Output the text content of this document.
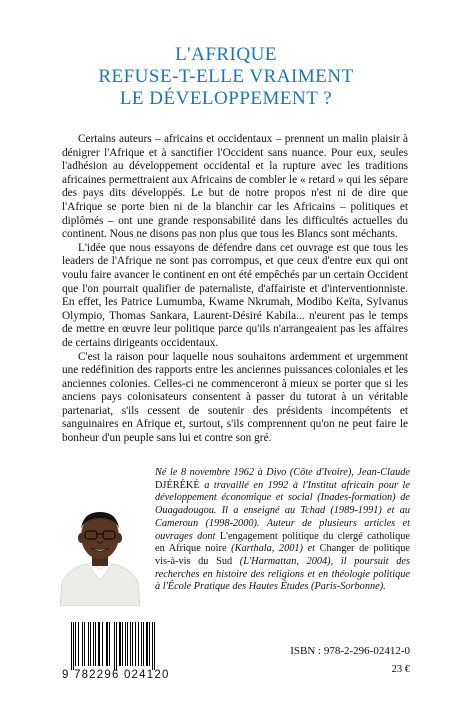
L'AFRIQUE
REFUSE-T-ELLE VRAIMENT
LE DÉVELOPPEMENT ?

Certains auteurs – africains et occidentaux – prennent un malin plaisir à dénigrer l'Afrique et à sanctifier l'Occident sans nuance. Pour eux, seules l'adhésion au développement occidental et la rupture avec les traditions africaines permettraient aux Africains de combler le « retard » qui les sépare des pays dits développés. Le but de notre propos n'est ni de dire que l'Afrique se porte bien ni de la blanchir car les Africains – politiques et diplômés – ont une grande responsabilité dans les difficultés actuelles du continent. Nous ne disons pas non plus que tous les Blancs sont méchants.

L'idée que nous essayons de défendre dans cet ouvrage est que tous les leaders de l'Afrique ne sont pas corrompus, et que ceux d'entre eux qui ont voulu faire avancer le continent en ont été empêchés par un certain Occident que l'on pourrait qualifier de paternaliste, d'affairiste et d'interventionniste. En effet, les Patrice Lumumba, Kwame Nkrumah, Modibo Keïta, Sylvanus Olympio, Thomas Sankara, Laurent-Désiré Kabila... n'eurent pas le temps de mettre en œuvre leur politique parce qu'ils n'arrangeaient pas les affaires de certains dirigeants occidentaux.

C'est la raison pour laquelle nous souhaitons ardemment et urgemment une redéfinition des rapports entre les anciennes puissances coloniales et les anciennes colonies. Celles-ci ne commenceront à mieux se porter que si les anciens pays colonisateurs consentent à passer du tutorat à un véritable partenariat, s'ils cessent de soutenir des présidents incompétents et sanguinaires en Afrique et, surtout, s'ils comprennent qu'on ne peut faire le bonheur d'un peuple sans lui et contre son gré.

Né le 8 novembre 1962 à Divo (Côte d'Ivoire), Jean-Claude DJÉRÉKÉ a travaillé en 1992 à l'Institut africain pour le développement économique et social (Inades-formation) de Ouagadougou. Il a enseigné au Tchad (1989-1991) et au Cameroun (1998-2000). Auteur de plusieurs articles et ouvrages dont L'engagement politique du clergé catholique en Afrique noire (Karthala, 2001) et Changer de politique vis-à-vis du Sud (L'Harmattan, 2004), il poursuit des recherches en histoire des religions et en théologie politique à l'École Pratique des Hautes Études (Paris-Sorbonne).
9 782296 024120
ISBN : 978-2-296-02412-0
23 €
